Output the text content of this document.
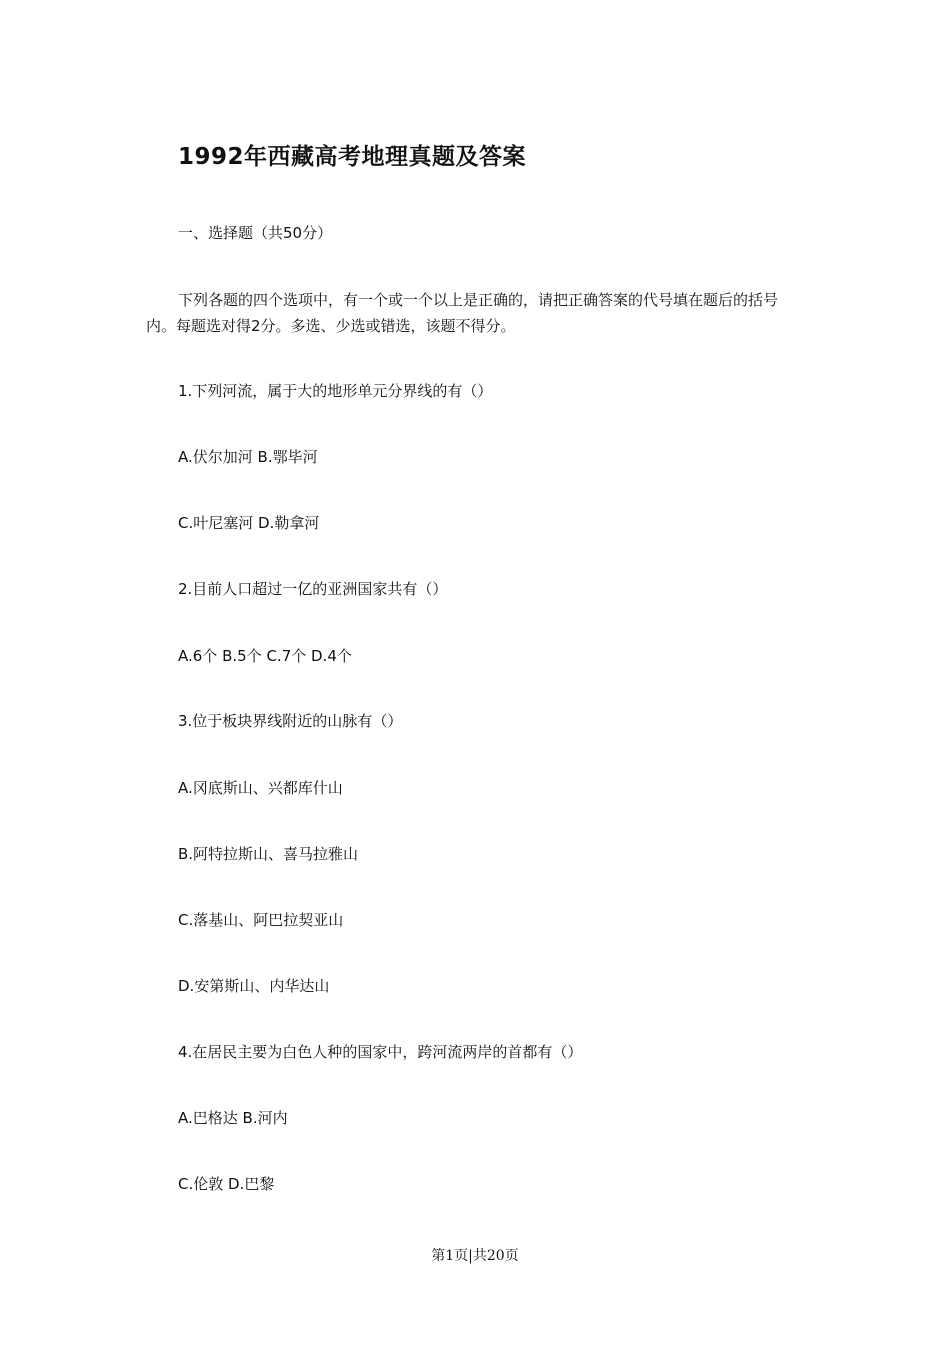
1992年西藏高考地理真题及答案
一、选择题（共50分）
下列各题的四个选项中，有一个或一个以上是正确的，请把正确答案的代号填在题后的括号内。每题选对得2分。多选、少选或错选，该题不得分。
1.下列河流，属于大的地形单元分界线的有（）
A.伏尔加河 B.鄂毕河
C.叶尼塞河 D.勒拿河
2.目前人口超过一亿的亚洲国家共有（）
A.6个 B.5个 C.7个 D.4个
3.位于板块界线附近的山脉有（）
A.冈底斯山、兴都库什山
B.阿特拉斯山、喜马拉雅山
C.落基山、阿巴拉契亚山
D.安第斯山、内华达山
4.在居民主要为白色人种的国家中，跨河流两岸的首都有（）
A.巴格达 B.河内
C.伦敦 D.巴黎
第1页|共20页
